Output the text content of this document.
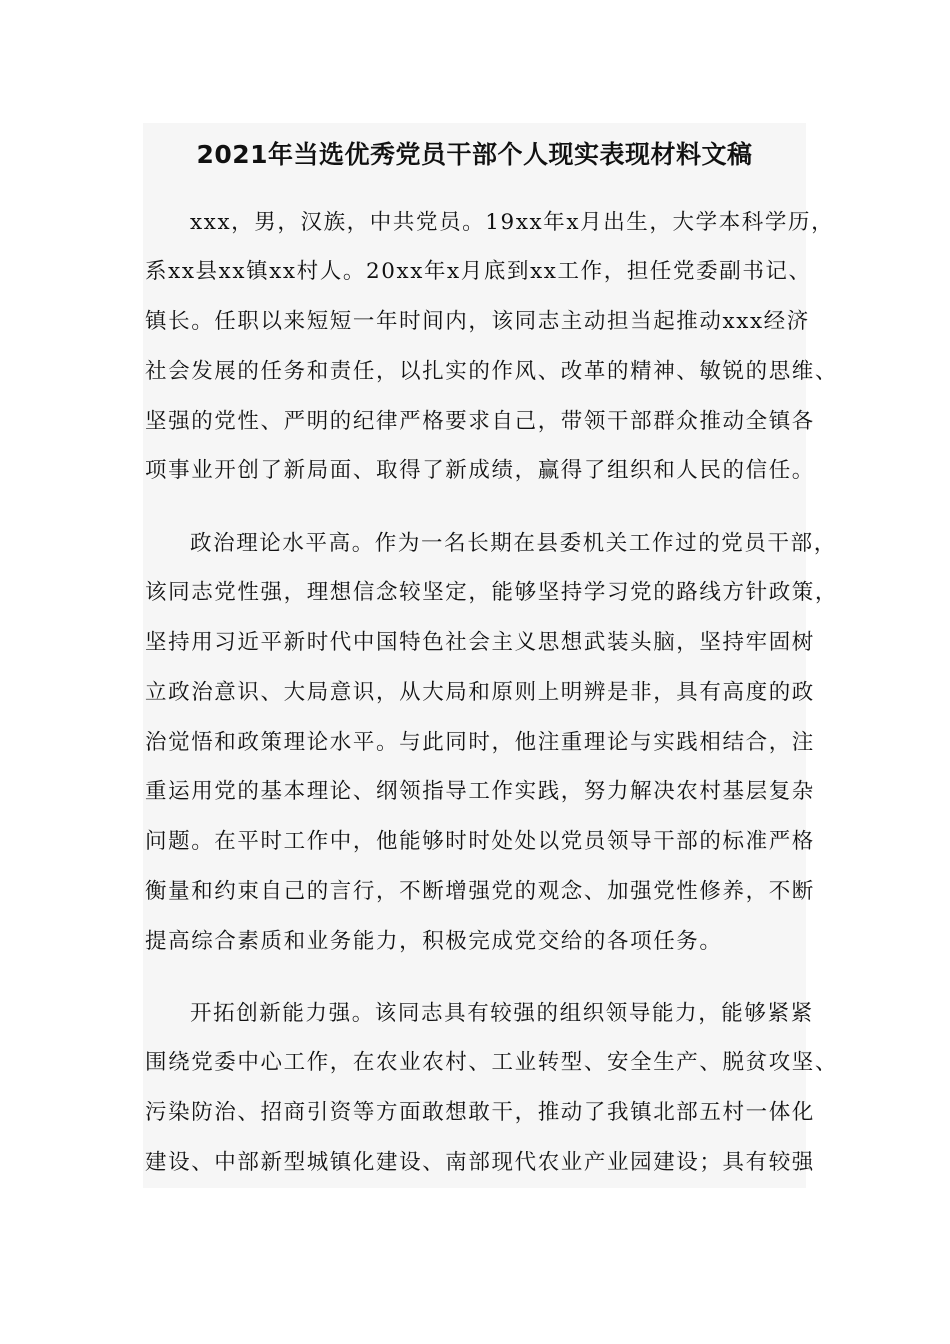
2021年当选优秀党员干部个人现实表现材料文稿
xxx，男，汉族，中共党员。19xx年x月出生，大学本科学历，
系xx县xx镇xx村人。20xx年x月底到xx工作，担任党委副书记、
镇长。任职以来短短一年时间内，该同志主动担当起推动xxx经济
社会发展的任务和责任，以扎实的作风、改革的精神、敏锐的思维、
坚强的党性、严明的纪律严格要求自己，带领干部群众推动全镇各
项事业开创了新局面、取得了新成绩，赢得了组织和人民的信任。
政治理论水平高。作为一名长期在县委机关工作过的党员干部，
该同志党性强，理想信念较坚定，能够坚持学习党的路线方针政策，
坚持用习近平新时代中国特色社会主义思想武装头脑，坚持牢固树
立政治意识、大局意识，从大局和原则上明辨是非，具有高度的政
治觉悟和政策理论水平。与此同时，他注重理论与实践相结合，注
重运用党的基本理论、纲领指导工作实践，努力解决农村基层复杂
问题。在平时工作中，他能够时时处处以党员领导干部的标准严格
衡量和约束自己的言行，不断增强党的观念、加强党性修养，不断
提高综合素质和业务能力，积极完成党交给的各项任务。
开拓创新能力强。该同志具有较强的组织领导能力，能够紧紧
围绕党委中心工作，在农业农村、工业转型、安全生产、脱贫攻坚、
污染防治、招商引资等方面敢想敢干，推动了我镇北部五村一体化
建设、中部新型城镇化建设、南部现代农业产业园建设；具有较强
